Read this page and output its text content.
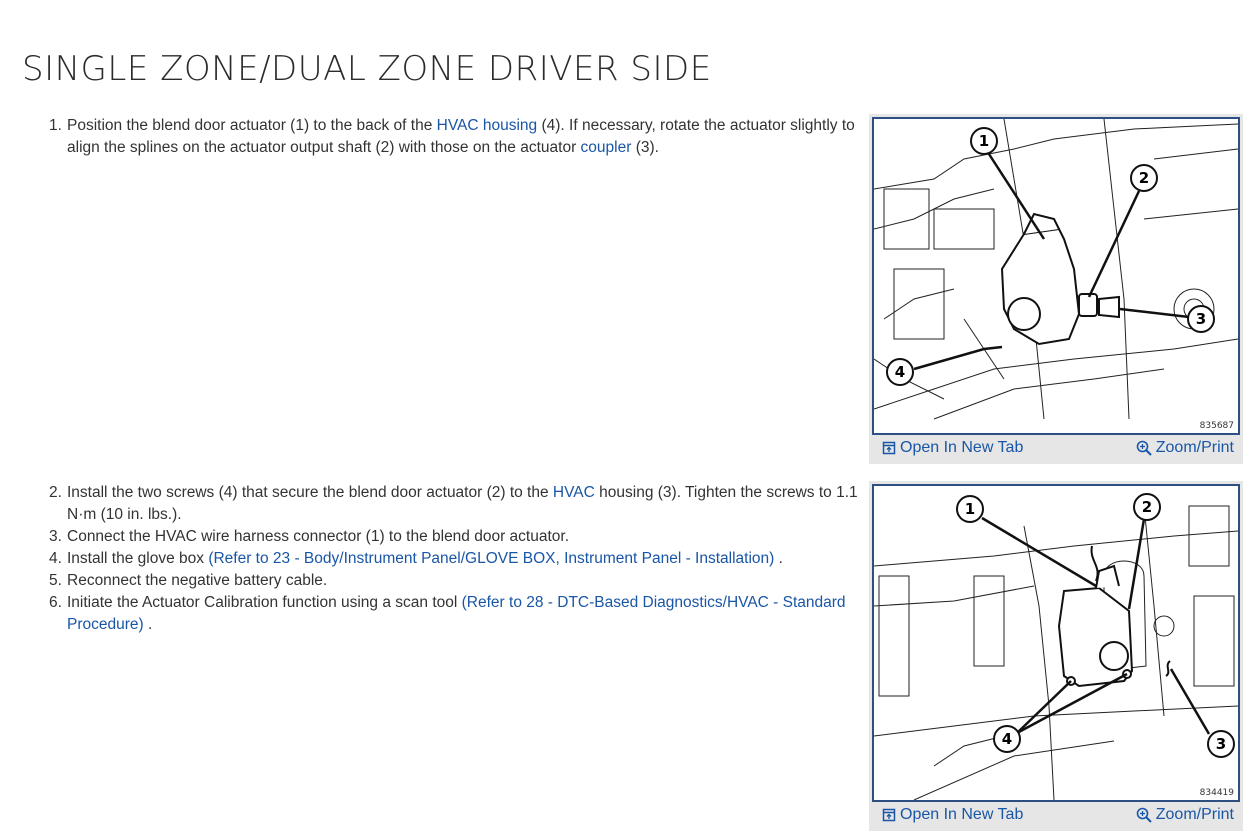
SINGLE ZONE/DUAL ZONE DRIVER SIDE
1. Position the blend door actuator (1) to the back of the HVAC housing (4). If necessary, rotate the actuator slightly to align the splines on the actuator output shaft (2) with those on the actuator coupler (3).
2. Install the two screws (4) that secure the blend door actuator (2) to the HVAC housing (3). Tighten the screws to 1.1 N·m (10 in. lbs.).
3. Connect the HVAC wire harness connector (1) to the blend door actuator.
4. Install the glove box (Refer to 23 - Body/Instrument Panel/GLOVE BOX, Instrument Panel - Installation) .
5. Reconnect the negative battery cable.
6. Initiate the Actuator Calibration function using a scan tool (Refer to 28 - DTC-Based Diagnostics/HVAC - Standard Procedure) .
1
2
3
4
835687
Open In New Tab	Zoom/Print
1	2
3
4
834419
Open In New Tab	Zoom/Print
